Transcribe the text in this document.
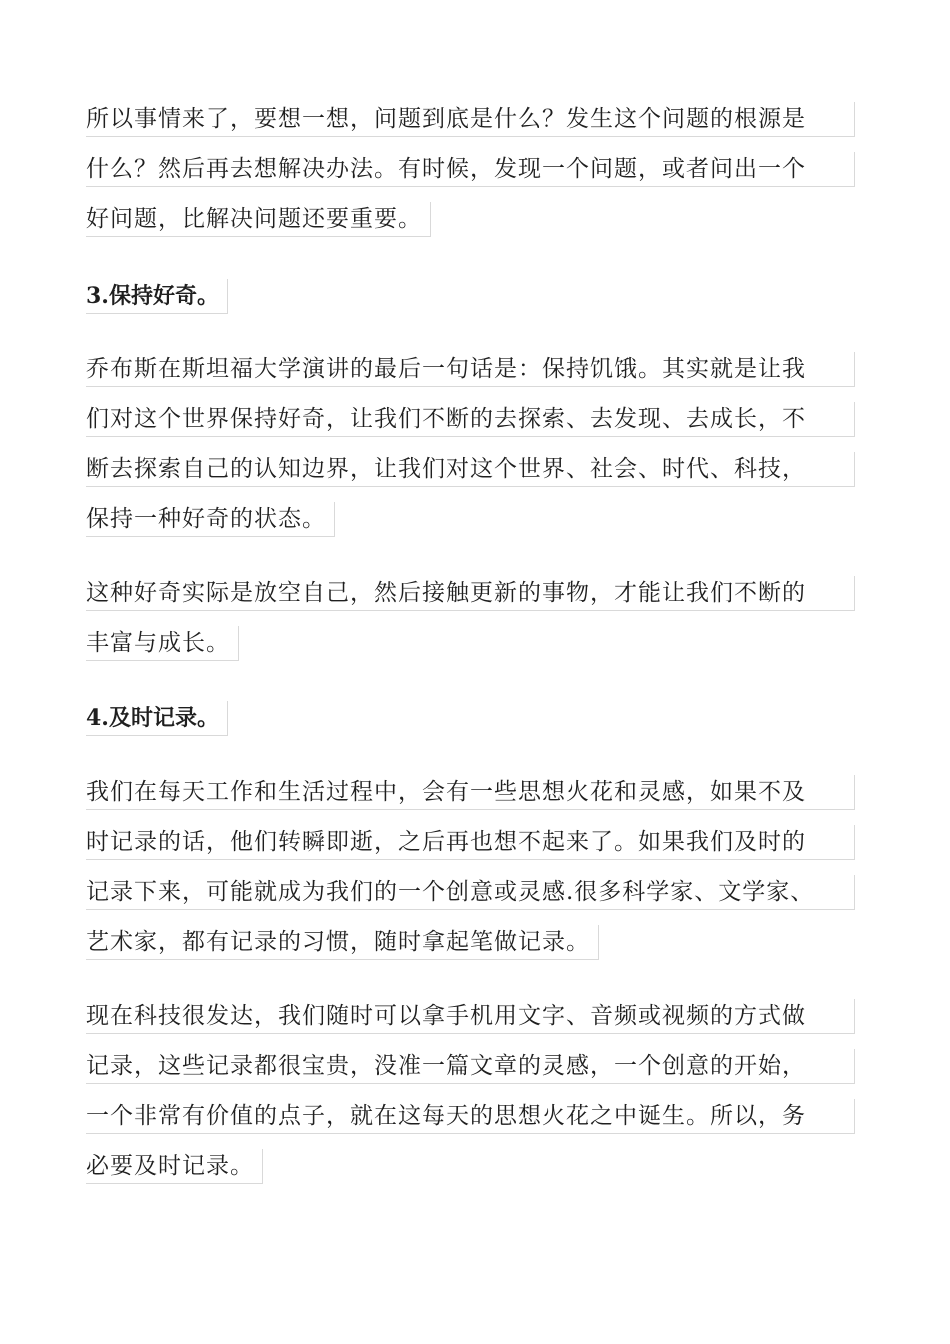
所以事情来了，要想一想，问题到底是什么？发生这个问题的根源是
什么？然后再去想解决办法。有时候，发现一个问题，或者问出一个
好问题，比解决问题还要重要。
3.保持好奇。
乔布斯在斯坦福大学演讲的最后一句话是：保持饥饿。其实就是让我
们对这个世界保持好奇，让我们不断的去探索、去发现、去成长，不
断去探索自己的认知边界，让我们对这个世界、社会、时代、科技，
保持一种好奇的状态。
这种好奇实际是放空自己，然后接触更新的事物，才能让我们不断的
丰富与成长。
4.及时记录。
我们在每天工作和生活过程中，会有一些思想火花和灵感，如果不及
时记录的话，他们转瞬即逝，之后再也想不起来了。如果我们及时的
记录下来，可能就成为我们的一个创意或灵感.很多科学家、文学家、
艺术家，都有记录的习惯，随时拿起笔做记录。
现在科技很发达，我们随时可以拿手机用文字、音频或视频的方式做
记录，这些记录都很宝贵，没准一篇文章的灵感，一个创意的开始，
一个非常有价值的点子，就在这每天的思想火花之中诞生。所以，务
必要及时记录。
